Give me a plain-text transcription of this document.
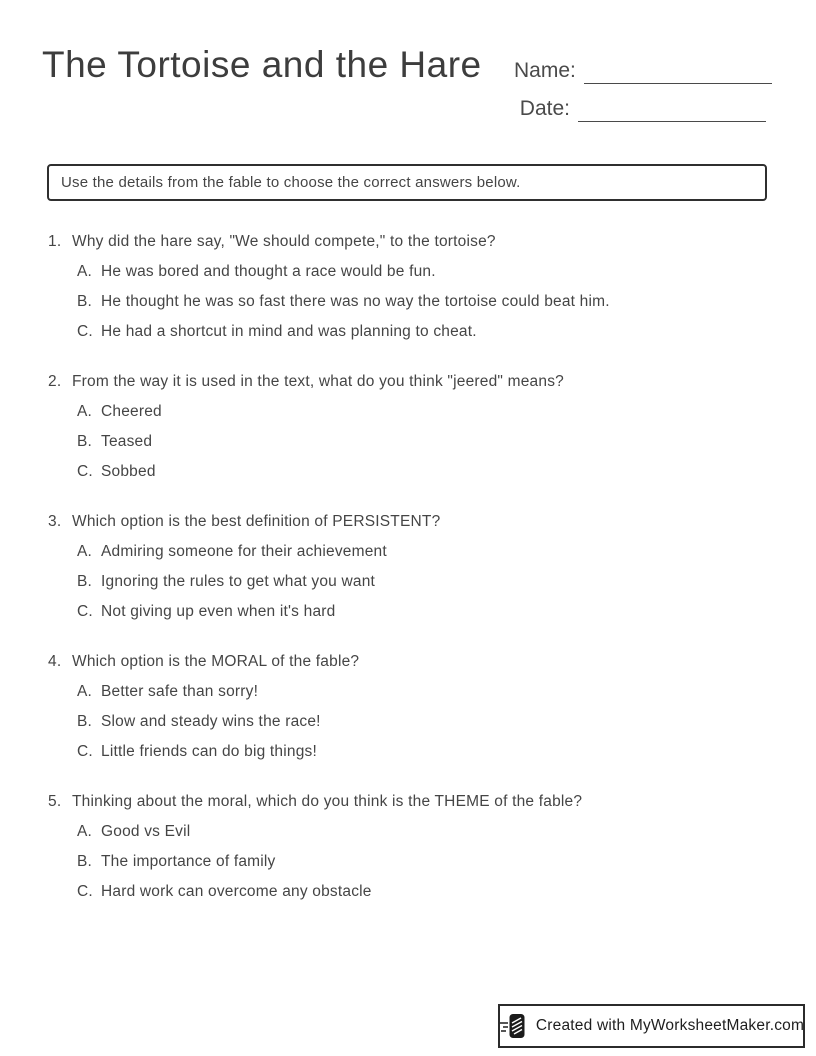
The Tortoise and the Hare Name:
Date:
Use the details from the fable to choose the correct answers below.
1. Why did the hare say, "We should compete," to the tortoise?
A. He was bored and thought a race would be fun.
B. He thought he was so fast there was no way the tortoise could beat him.
C. He had a shortcut in mind and was planning to cheat.
2. From the way it is used in the text, what do you think "jeered" means?
A. Cheered
B. Teased
C. Sobbed
3. Which option is the best definition of PERSISTENT?
A. Admiring someone for their achievement
B. Ignoring the rules to get what you want
C. Not giving up even when it's hard
4. Which option is the MORAL of the fable?
A. Better safe than sorry!
B. Slow and steady wins the race!
C. Little friends can do big things!
5. Thinking about the moral, which do you think is the THEME of the fable?
A. Good vs Evil
B. The importance of family
C. Hard work can overcome any obstacle
Created with MyWorksheetMaker.com
